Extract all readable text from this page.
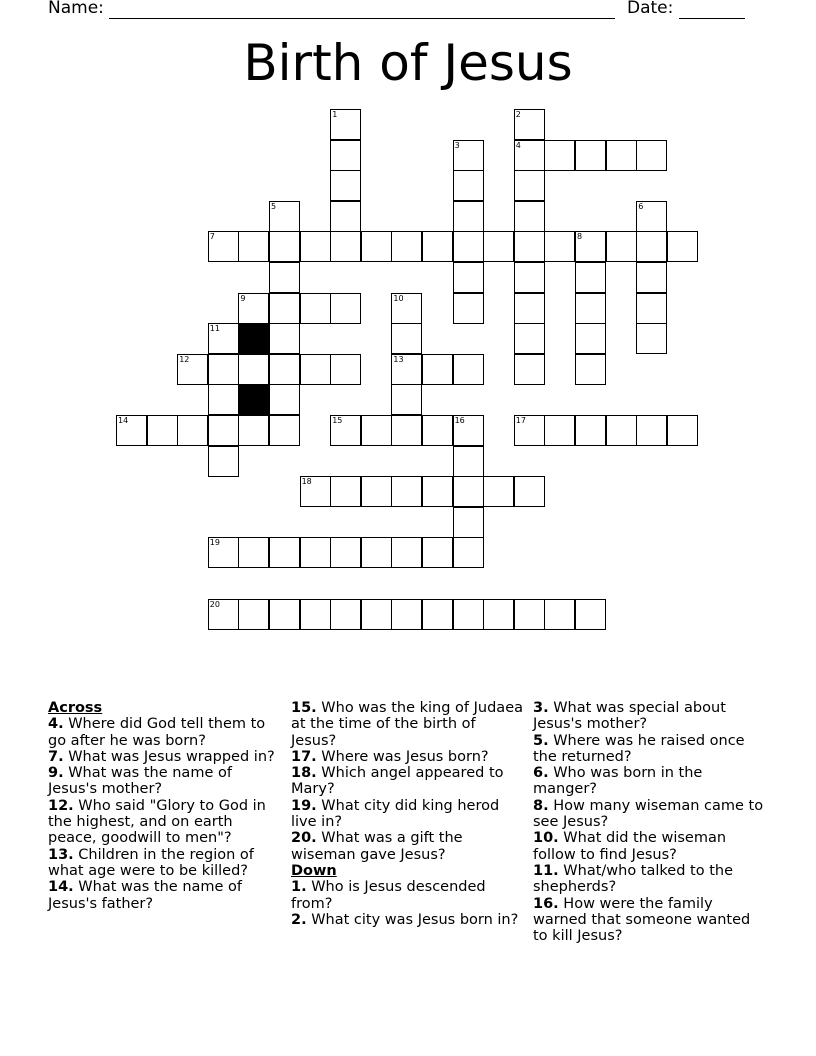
Name:	Date:
Birth of Jesus
1	2
3	4
5	6
7	8
9	10
11
12	13
14	15	16	17
18
19
20
Across

4. Where did God tell them to go after he was born?

7. What was Jesus wrapped in?

9. What was the name of Jesus's mother?

12. Who said "Glory to God in the highest, and on earth peace, goodwill to men"?

13. Children in the region of what age were to be killed?

14. What was the name of Jesus's father?

15. Who was the king of Judaea at the time of the birth of Jesus?

17. Where was Jesus born?

18. Which angel appeared to Mary?

19. What city did king herod live in?

20. What was a gift the wiseman gave Jesus?

Down

1. Who is Jesus descended from?

2. What city was Jesus born in?

3. What was special about Jesus's mother?

5. Where was he raised once the returned?

6. Who was born in the manger?

8. How many wiseman came to see Jesus?

10. What did the wiseman follow to find Jesus?

11. What/who talked to the shepherds?

16. How were the family warned that someone wanted to kill Jesus?
